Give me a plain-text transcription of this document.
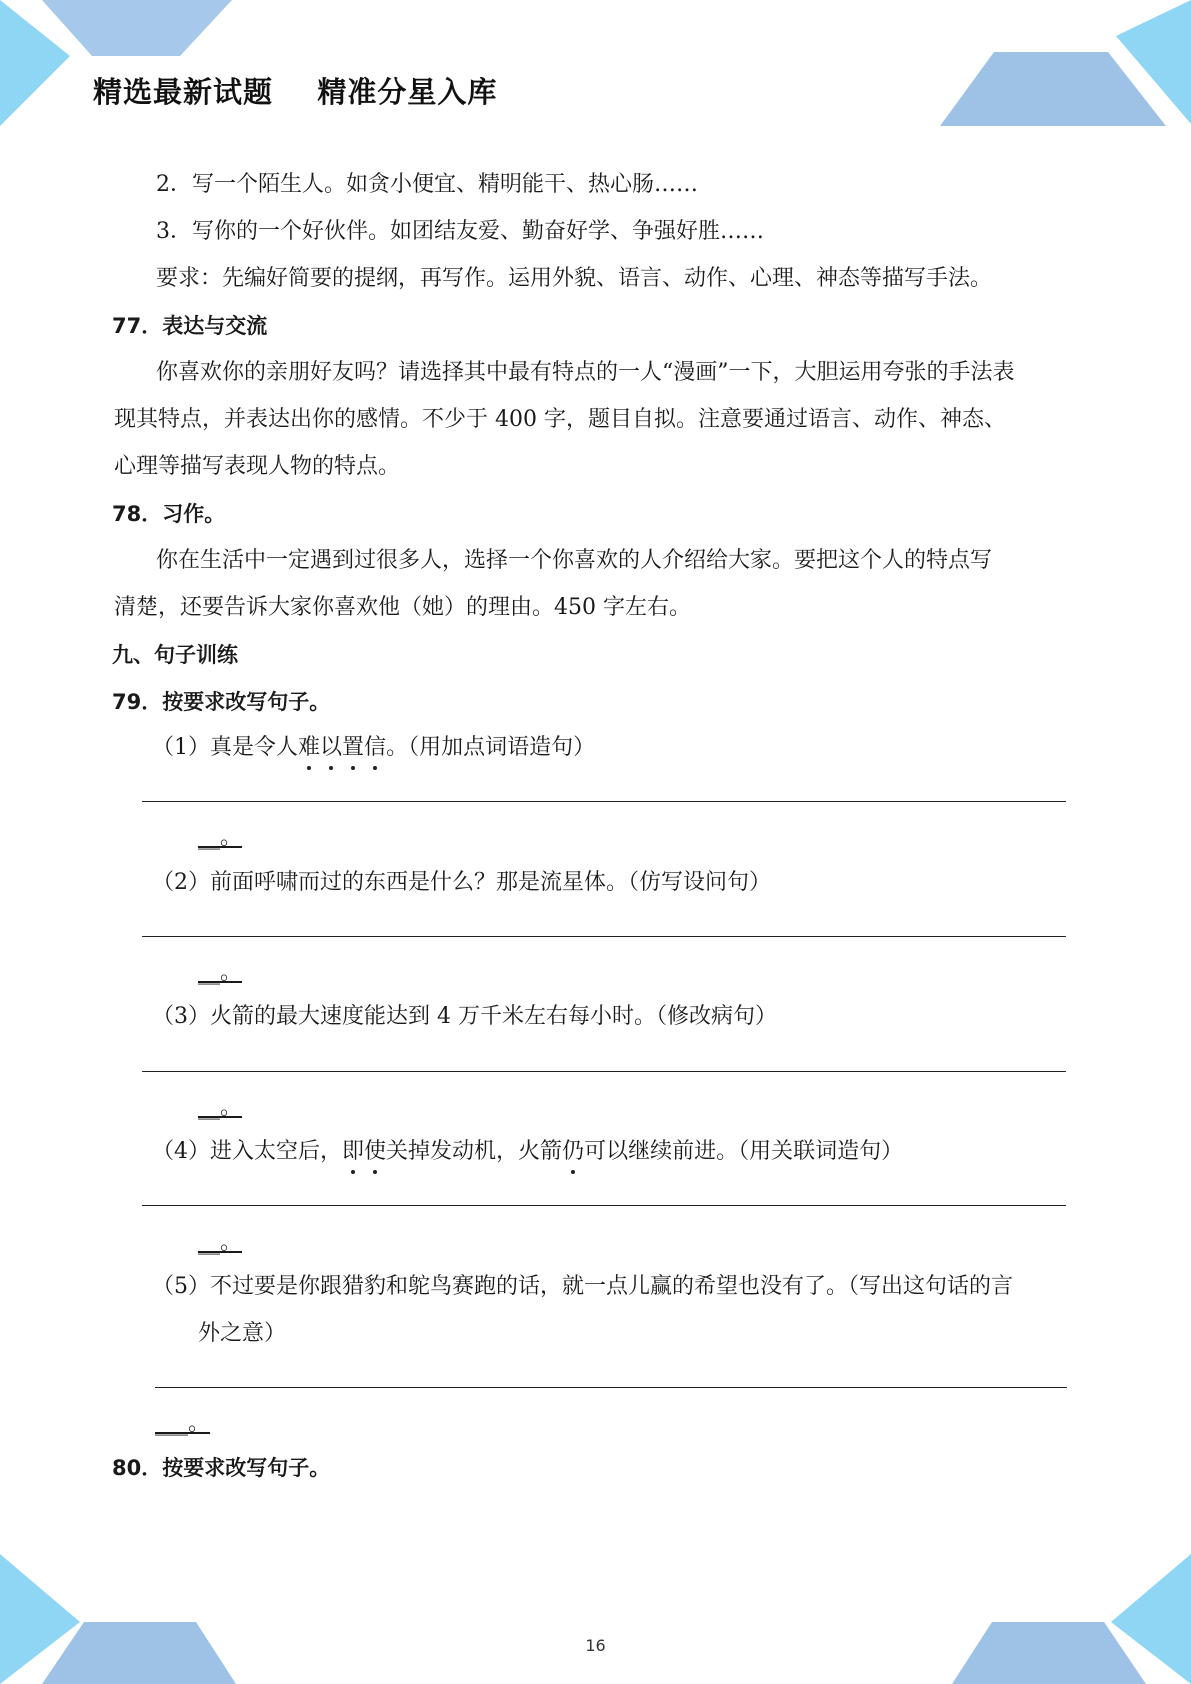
精选最新试题    精准分星入库
2．写一个陌生人。如贪小便宜、精明能干、热心肠……
3．写你的一个好伙伴。如团结友爱、勤奋好学、争强好胜……
要求：先编好简要的提纲，再写作。运用外貌、语言、动作、心理、神态等描写手法。
77．表达与交流
你喜欢你的亲朋好友吗？请选择其中最有特点的一人“漫画”一下，大胆运用夸张的手法表
现其特点，并表达出你的感情。不少于 400 字，题目自拟。注意要通过语言、动作、神态、
心理等描写表现人物的特点。
78．习作。
你在生活中一定遇到过很多人，选择一个你喜欢的人介绍给大家。要把这个人的特点写
清楚，还要告诉大家你喜欢他（她）的理由。450 字左右。
九、句子训练
79．按要求改写句子。
（1）真是令人难以置信。（用加点词语造句）
__。
（2）前面呼啸而过的东西是什么？那是流星体。（仿写设问句）
__。
（3）火箭的最大速度能达到 4 万千米左右每小时。（修改病句）
__。
（4）进入太空后，即使关掉发动机，火箭仍可以继续前进。（用关联词造句）
__。
（5）不过要是你跟猎豹和鸵鸟赛跑的话，就一点儿赢的希望也没有了。（写出这句话的言
外之意）
___。
80．按要求改写句子。
16
